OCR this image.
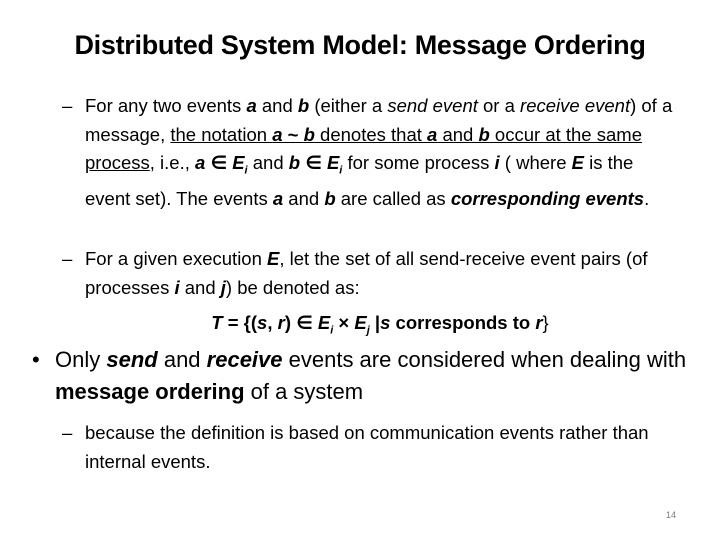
Distributed System Model: Message Ordering
– For any two events a and b (either a send event or a receive event) of a message, the notation a ~ b denotes that a and b occur at the same process, i.e., a ∈ $E_i$ and b ∈ $E_i$ for some process i ( where E is the event set). The events a and b are called as corresponding events.
– For a given execution E, let the set of all send-receive event pairs (of processes i and j) be denoted as:
T = {(s, r) ∈ $E_i \times E_j$ |s corresponds to r}
• Only send and receive events are considered when dealing with message ordering of a system
– because the definition is based on communication events rather than internal events.
14
